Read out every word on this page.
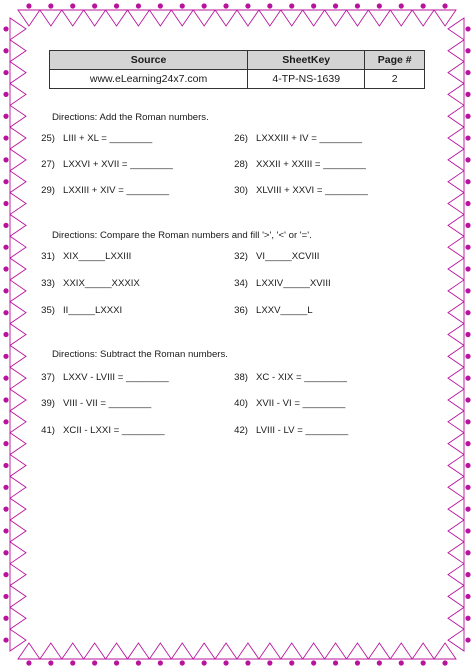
Source	SheetKey	Page #
www.eLearning24x7.com	4-TP-NS-1639	2

Directions: Add the Roman numbers.

25) LIII + XL = ________	26) LXXXIII + IV = ________
27) LXXVI + XVII = ________	28) XXXII + XXIII = ________
29) LXXIII + XIV = ________	30) XLVIII + XXVI = ________

Directions: Compare the Roman numbers and fill '>', '<' or '='.

31) XIX_____LXXIII	32) VI_____XCVIII
33) XXIX_____XXXIX	34) LXXIV_____XVIII
35) II_____LXXXI	36) LXXV_____L

Directions: Subtract the Roman numbers.

37) LXXV - LVIII = ________	38) XC - XIX = ________
39) VIII - VII = ________	40) XVII - VI = ________
41) XCII - LXXI = ________	42) LVIII - LV = ________
